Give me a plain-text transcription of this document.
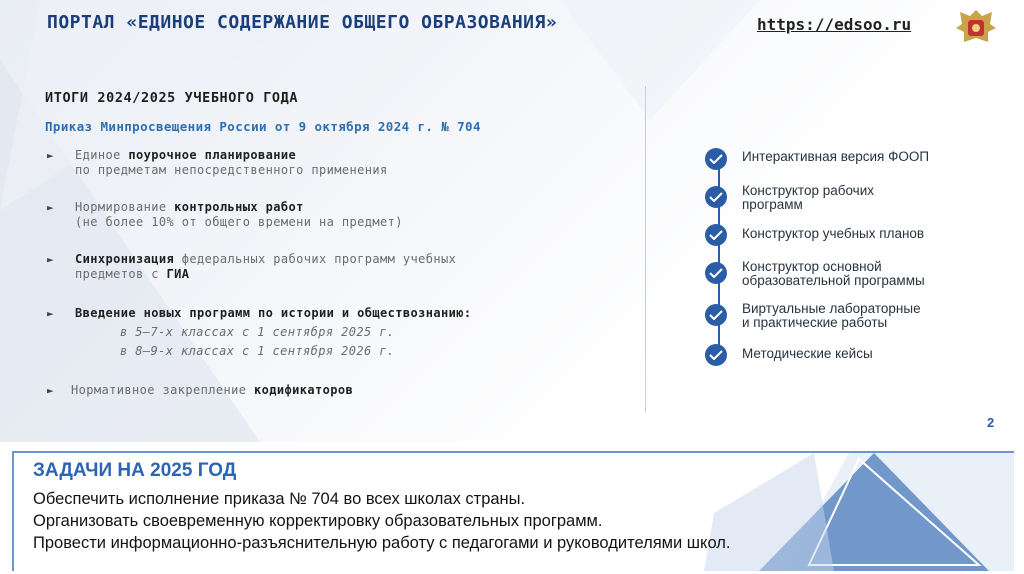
ПОРТАЛ «ЕДИНОЕ СОДЕРЖАНИЕ ОБЩЕГО ОБРАЗОВАНИЯ»	https://edsoo.ru
ИТОГИ 2024/2025 УЧЕБНОГО ГОДА
Приказ Минпросвещения России от 9 октября 2024 г. № 704
► Единое поурочное планирование
по предметам непосредственного применения
► Нормирование контрольных работ
(не более 10% от общего времени на предмет)
► Синхронизация федеральных рабочих программ учебных
предметов с ГИА
► Введение новых программ по истории и обществознанию:
в 5–7-х классах с 1 сентября 2025 г.
в 8–9-х классах с 1 сентября 2026 г.
► Нормативное закрепление кодификаторов
Интерактивная версия ФООП
Конструктор рабочих
программ
Конструктор учебных планов
Конструктор основной
образовательной программы
Виртуальные лабораторные
и практические работы
Методические кейсы
2
ЗАДАЧИ НА 2025 ГОД
Обеспечить исполнение приказа № 704 во всех школах страны.
Организовать своевременную корректировку образовательных программ.
Провести информационно-разъяснительную работу с педагогами и руководителями школ.
